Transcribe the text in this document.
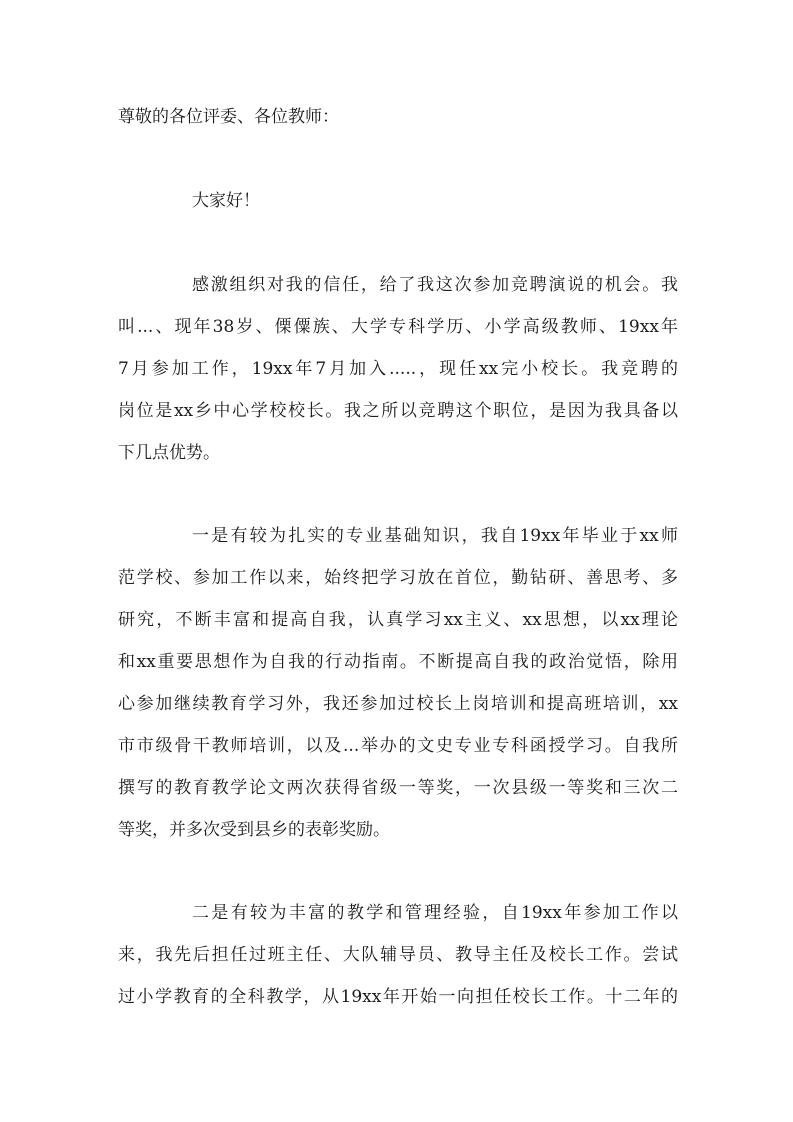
尊敬的各位评委、各位教师：
大家好！
感激组织对我的信任，给了我这次参加竞聘演说的机会。我
叫...、现年38岁、傈僳族、大学专科学历、小学高级教师、19xx年
7月参加工作，19xx年7月加入.....，现任xx完小校长。我竞聘的
岗位是xx乡中心学校校长。我之所以竞聘这个职位，是因为我具备以
下几点优势。
一是有较为扎实的专业基础知识，我自19xx年毕业于xx师
范学校、参加工作以来，始终把学习放在首位，勤钻研、善思考、多
研究，不断丰富和提高自我，认真学习xx主义、xx思想，以xx理论
和xx重要思想作为自我的行动指南。不断提高自我的政治觉悟，除用
心参加继续教育学习外，我还参加过校长上岗培训和提高班培训，xx
市市级骨干教师培训，以及...举办的文史专业专科函授学习。自我所
撰写的教育教学论文两次获得省级一等奖，一次县级一等奖和三次二
等奖，并多次受到县乡的表彰奖励。
二是有较为丰富的教学和管理经验，自19xx年参加工作以
来，我先后担任过班主任、大队辅导员、教导主任及校长工作。尝试
过小学教育的全科教学，从19xx年开始一向担任校长工作。十二年的
